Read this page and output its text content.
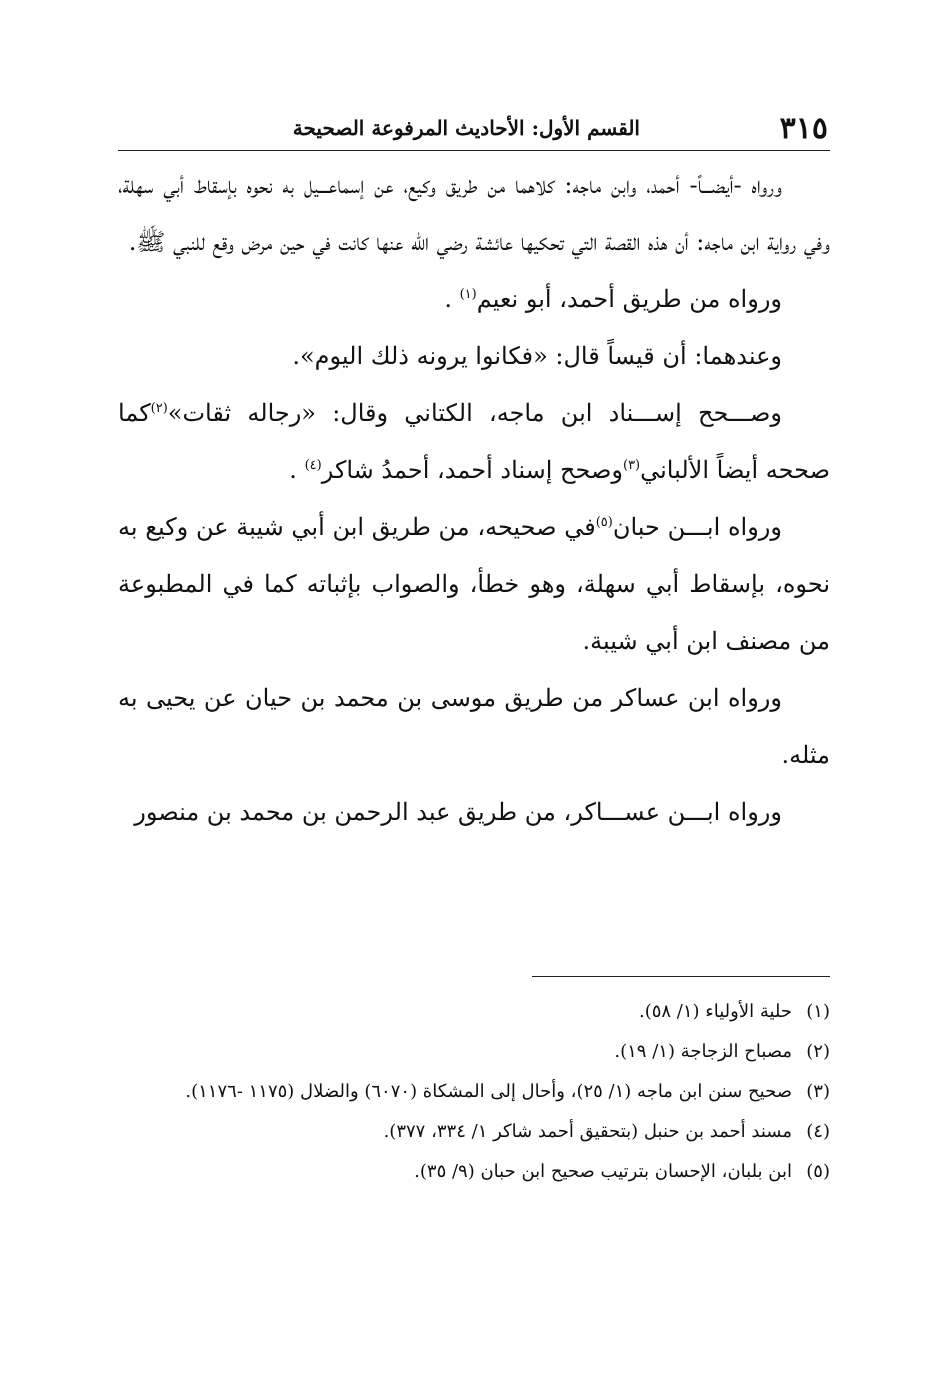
٣١٥
القسم الأول: الأحاديث المرفوعة الصحيحة

ورواه -أيضـــاً- أحمد، وابن ماجه: كلاهما من طريق وكيع، عن إسماعـــيل به نحوه بإسقاط أبي سهلة، وفي رواية ابن ماجه: أن هذه القصة التي تحكيها عائشة رضي الله عنها كانت في حين مرض وقع للنبي ﷺ.

ورواه من طريق أحمد، أبو نعيم$^{(١)}$ .

وعندهما: أن قيساً قال: «فكانوا يرونه ذلك اليوم».

وصـــحح إســـناد ابن ماجه، الكتاني وقال: «رجاله ثقات»$^{(٢)}$كما صححه أيضاً الألباني$^{(٣)}$وصحح إسناد أحمد، أحمدُ شاكر$^{(٤)}$ .

ورواه ابـــن حبان$^{(٥)}$في صحيحه، من طريق ابن أبي شيبة عن وكيع به نحوه، بإسقاط أبي سهلة، وهو خطأ، والصواب بإثباته كما في المطبوعة من مصنف ابن أبي شيبة.

ورواه ابن عساكر من طريق موسى بن محمد بن حيان عن يحيى به مثله.

ورواه ابـــن عســـاكر، من طريق عبد الرحمن بن محمد بن منصور

(١)حلية الأولياء (١/ ٥٨).

(٢)مصباح الزجاجة (١/ ١٩).

(٣)صحيح سنن ابن ماجه (١/ ٢٥)، وأحال إلى المشكاة (٦٠٧٠) والضلال (١١٧٥ -١١٧٦).

(٤)مسند أحمد بن حنبل (بتحقيق أحمد شاكر ١/ ٣٣٤، ٣٧٧).

(٥)ابن بلبان، الإحسان بترتيب صحيح ابن حبان (٩/ ٣٥).
